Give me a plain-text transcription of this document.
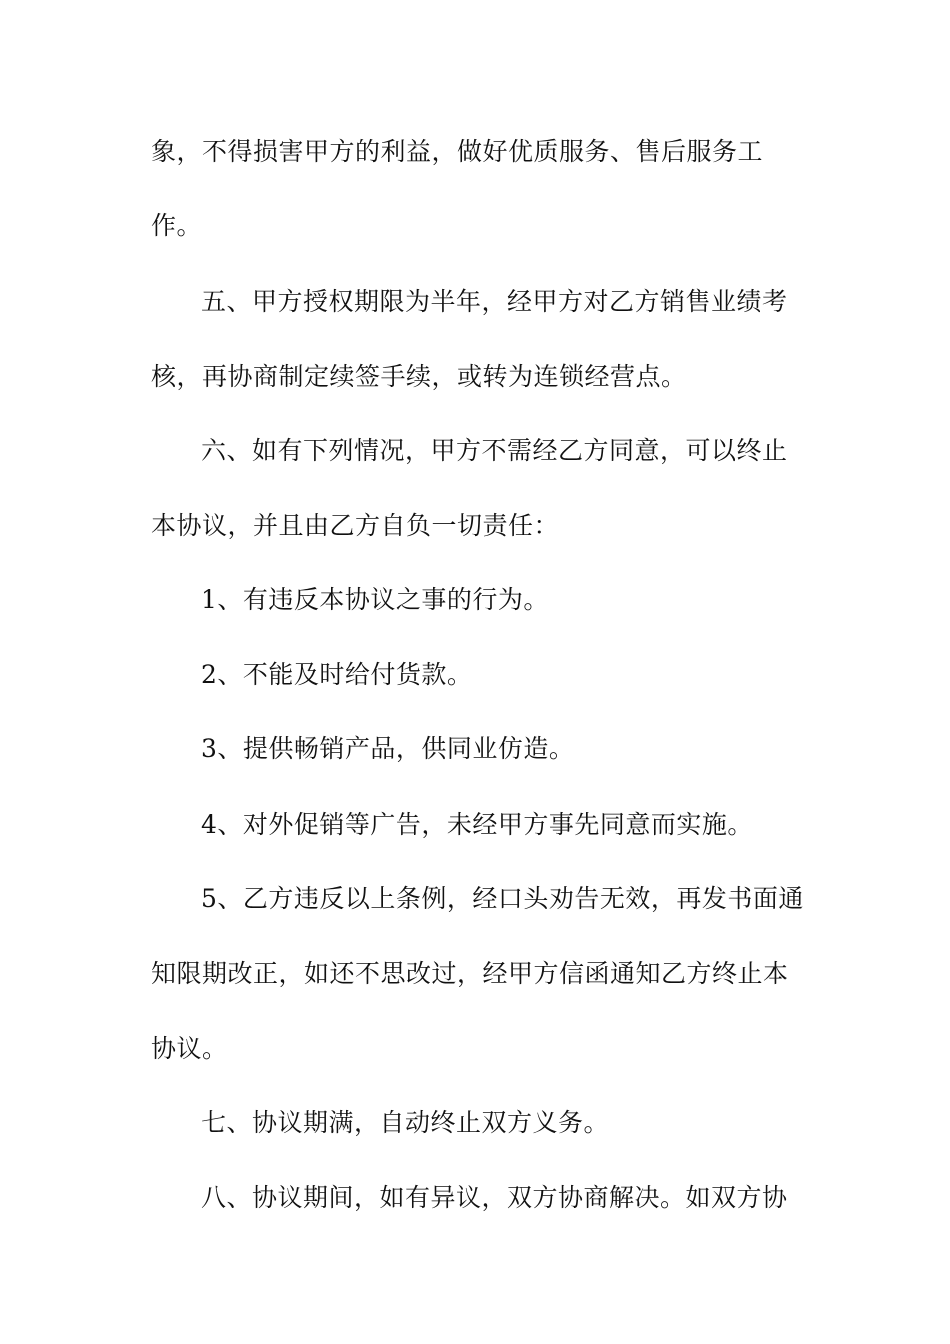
象，不得损害甲方的利益，做好优质服务、售后服务工
作。
五、甲方授权期限为半年，经甲方对乙方销售业绩考
核，再协商制定续签手续，或转为连锁经营点。
六、如有下列情况，甲方不需经乙方同意，可以终止
本协议，并且由乙方自负一切责任：
1、有违反本协议之事的行为。
2、不能及时给付货款。
3、提供畅销产品，供同业仿造。
4、对外促销等广告，未经甲方事先同意而实施。
5、乙方违反以上条例，经口头劝告无效，再发书面通
知限期改正，如还不思改过，经甲方信函通知乙方终止本
协议。
七、协议期满，自动终止双方义务。
八、协议期间，如有异议，双方协商解决。如双方协
